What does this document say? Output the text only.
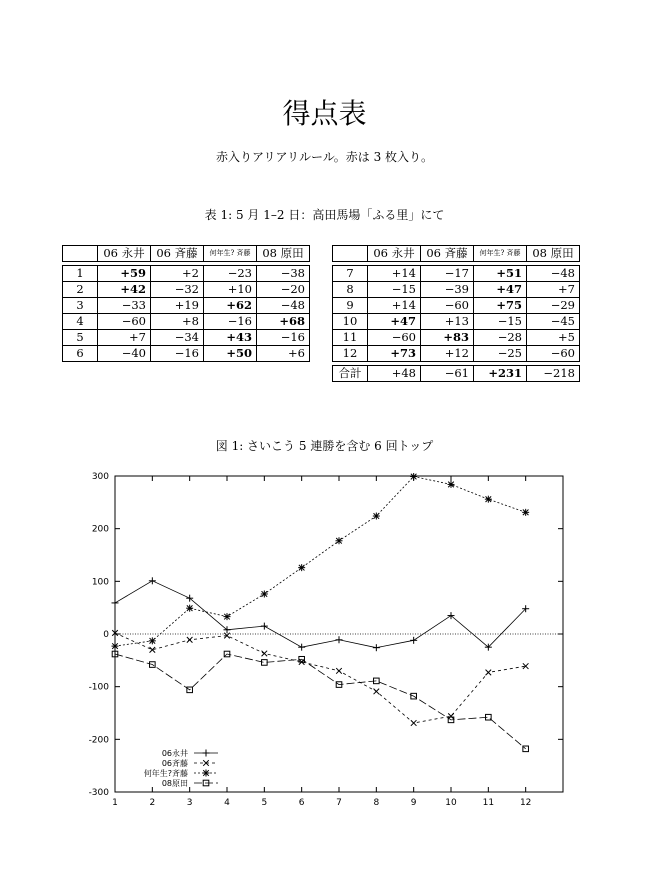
得点表
赤入りアリアリルール。赤は 3 枚入り。
表 1: 5 月 1–2 日：高田馬場「ふる里」にて
	06 永井	06 斉藤	何年生? 斉藤	08 原田

1	+59	+2	−23	−38
2	+42	−32	+10	−20
3	−33	+19	+62	−48
4	−60	+8	−16	+68
5	+7	−34	+43	−16
6	−40	−16	+50	+6
	06 永井	06 斉藤	何年生? 斉藤	08 原田

7	+14	−17	+51	−48
8	−15	−39	+47	+7
9	+14	−60	+75	−29
10	+47	+13	−15	−45
11	−60	+83	−28	+5
12	+73	+12	−25	−60

合計	+48	−61	+231	−218
図 1: さいこう 5 連勝を含む 6 回トップ
-300
-200
-100
0
100
200
300
1	2	3	4	5	6	7	8	9	10	11	12
06永井
06斉藤
何年生?斉藤
08原田
